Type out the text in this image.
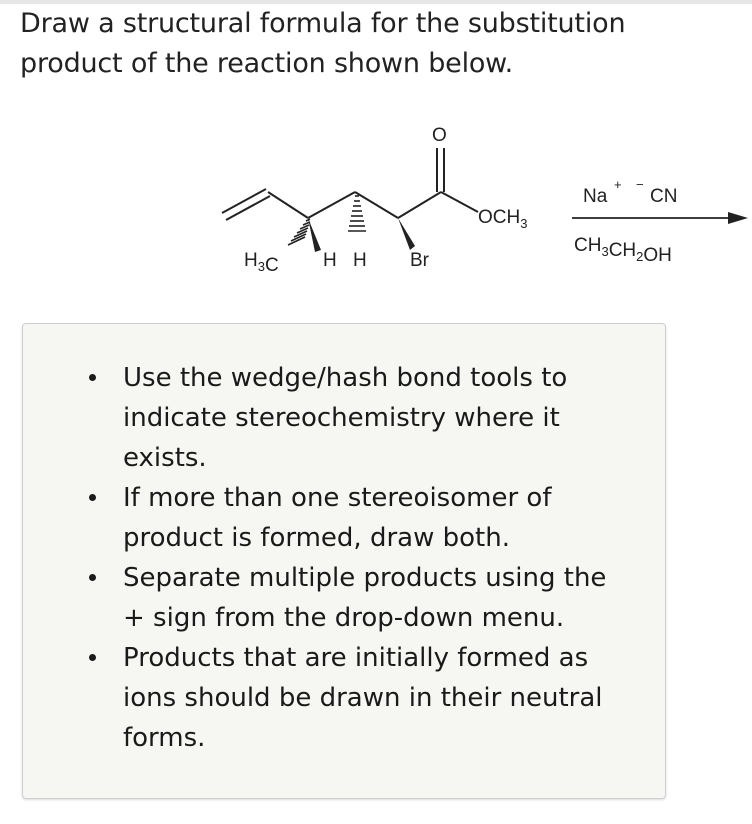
Draw a structural formula for the substitution
product of the reaction shown below.
O
$OCH_3$
$H_3C$ H H Br
Na
+ −
CN
$CH_3CH_2OH$
Use the wedge/hash bond tools to
indicate stereochemistry where it
exists.
If more than one stereoisomer of
product is formed, draw both.
Separate multiple products using the
+ sign from the drop-down menu.
Products that are initially formed as
ions should be drawn in their neutral
forms.
